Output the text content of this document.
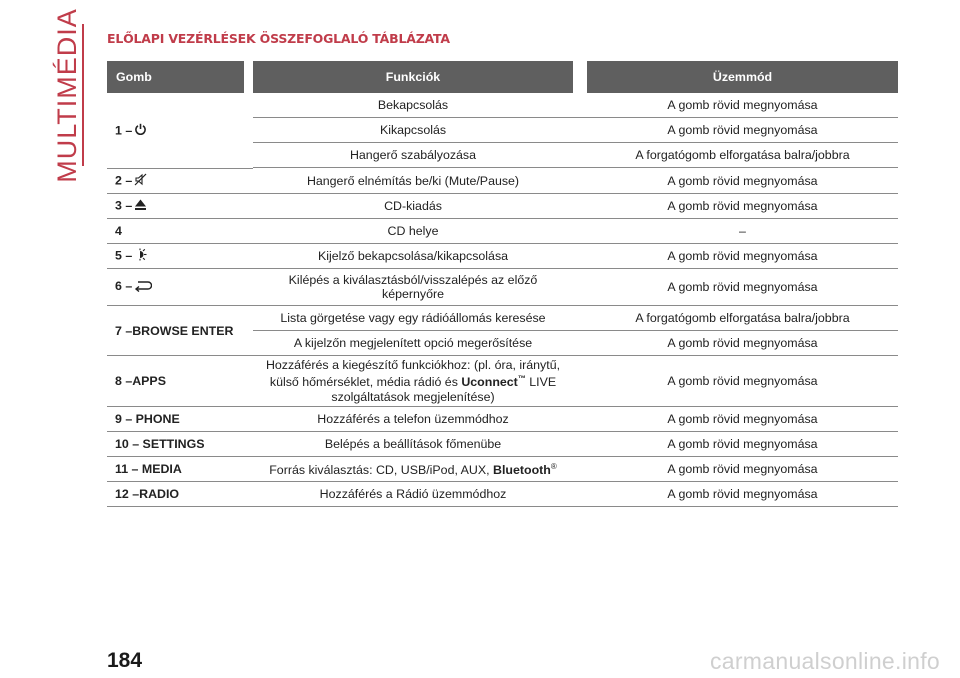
MULTIMÉDIA ELŐLAPI VEZÉRLÉSEK ÖSSZEFOGLALÓ TÁBLÁZATA
Gomb		Funkciók		Üzemmód
1 –		Bekapcsolás		A gomb rövid megnyomása
		Kikapcsolás		A gomb rövid megnyomása
		Hangerő szabályozása		A forgatógomb elforgatása balra/jobbra
2 –		Hangerő elnémítás be/ki (Mute/Pause)		A gomb rövid megnyomása
3 –		CD-kiadás		A gomb rövid megnyomása
4		CD helye		–
5 –		Kijelző bekapcsolása/kikapcsolása		A gomb rövid megnyomása
6 –		Kilépés a kiválasztásból/visszalépés az előző
képernyőre		A gomb rövid megnyomása
7 –BROWSE ENTER		Lista görgetése vagy egy rádióállomás keresése		A forgatógomb elforgatása balra/jobbra
		A kijelzőn megjelenített opció megerősítése		A gomb rövid megnyomása
8 –APPS		Hozzáférés a kiegészítő funkciókhoz: (pl. óra, iránytű,
külső hőmérséklet, média rádió és Uconnect™ LIVE
szolgáltatások megjelenítése)		A gomb rövid megnyomása
9 – PHONE		Hozzáférés a telefon üzemmódhoz		A gomb rövid megnyomása
10 – SETTINGS		Belépés a beállítások főmenübe		A gomb rövid megnyomása
11 – MEDIA		Forrás kiválasztás: CD, USB/iPod, AUX, Bluetooth®		A gomb rövid megnyomása
12 –RADIO		Hozzáférés a Rádió üzemmódhoz		A gomb rövid megnyomása
184	carmanualsonline.info
